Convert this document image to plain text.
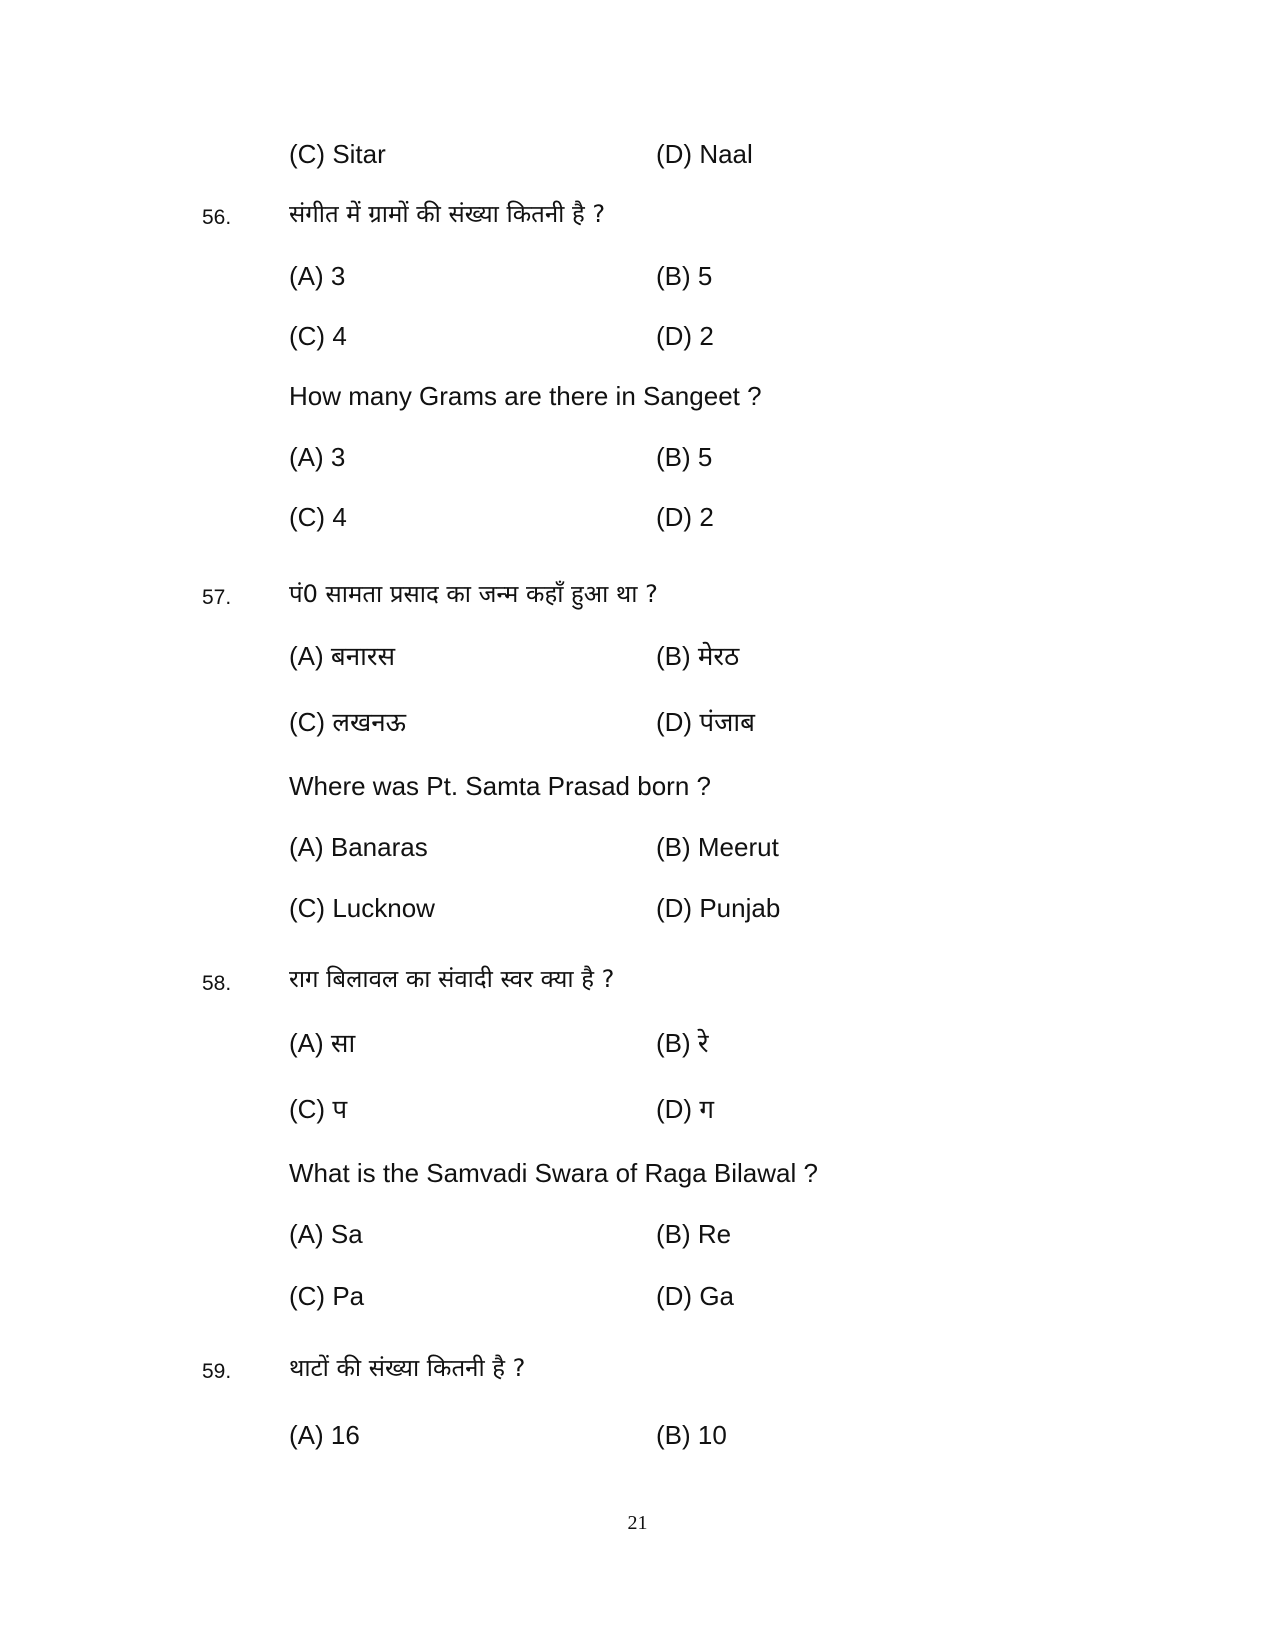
(C) Sitar	(D) Naal
56. संगीत में ग्रामों की संख्या कितनी है ?
(A) 3	(B) 5
(C) 4	(D) 2
How many Grams are there in Sangeet ?
(A) 3	(B) 5
(C) 4	(D) 2
57. पं0 सामता प्रसाद का जन्म कहाँ हुआ था ?
(A) बनारस	(B) मेरठ
(C) लखनऊ	(D) पंजाब
Where was Pt. Samta Prasad born ?
(A) Banaras	(B) Meerut
(C) Lucknow	(D) Punjab
58. राग बिलावल का संवादी स्वर क्या है ?
(A) सा	(B) रे
(C) प	(D) ग
What is the Samvadi Swara of Raga Bilawal ?
(A) Sa	(B) Re
(C) Pa	(D) Ga
59. थाटों की संख्या कितनी है ?
(A) 16	(B) 10
21
